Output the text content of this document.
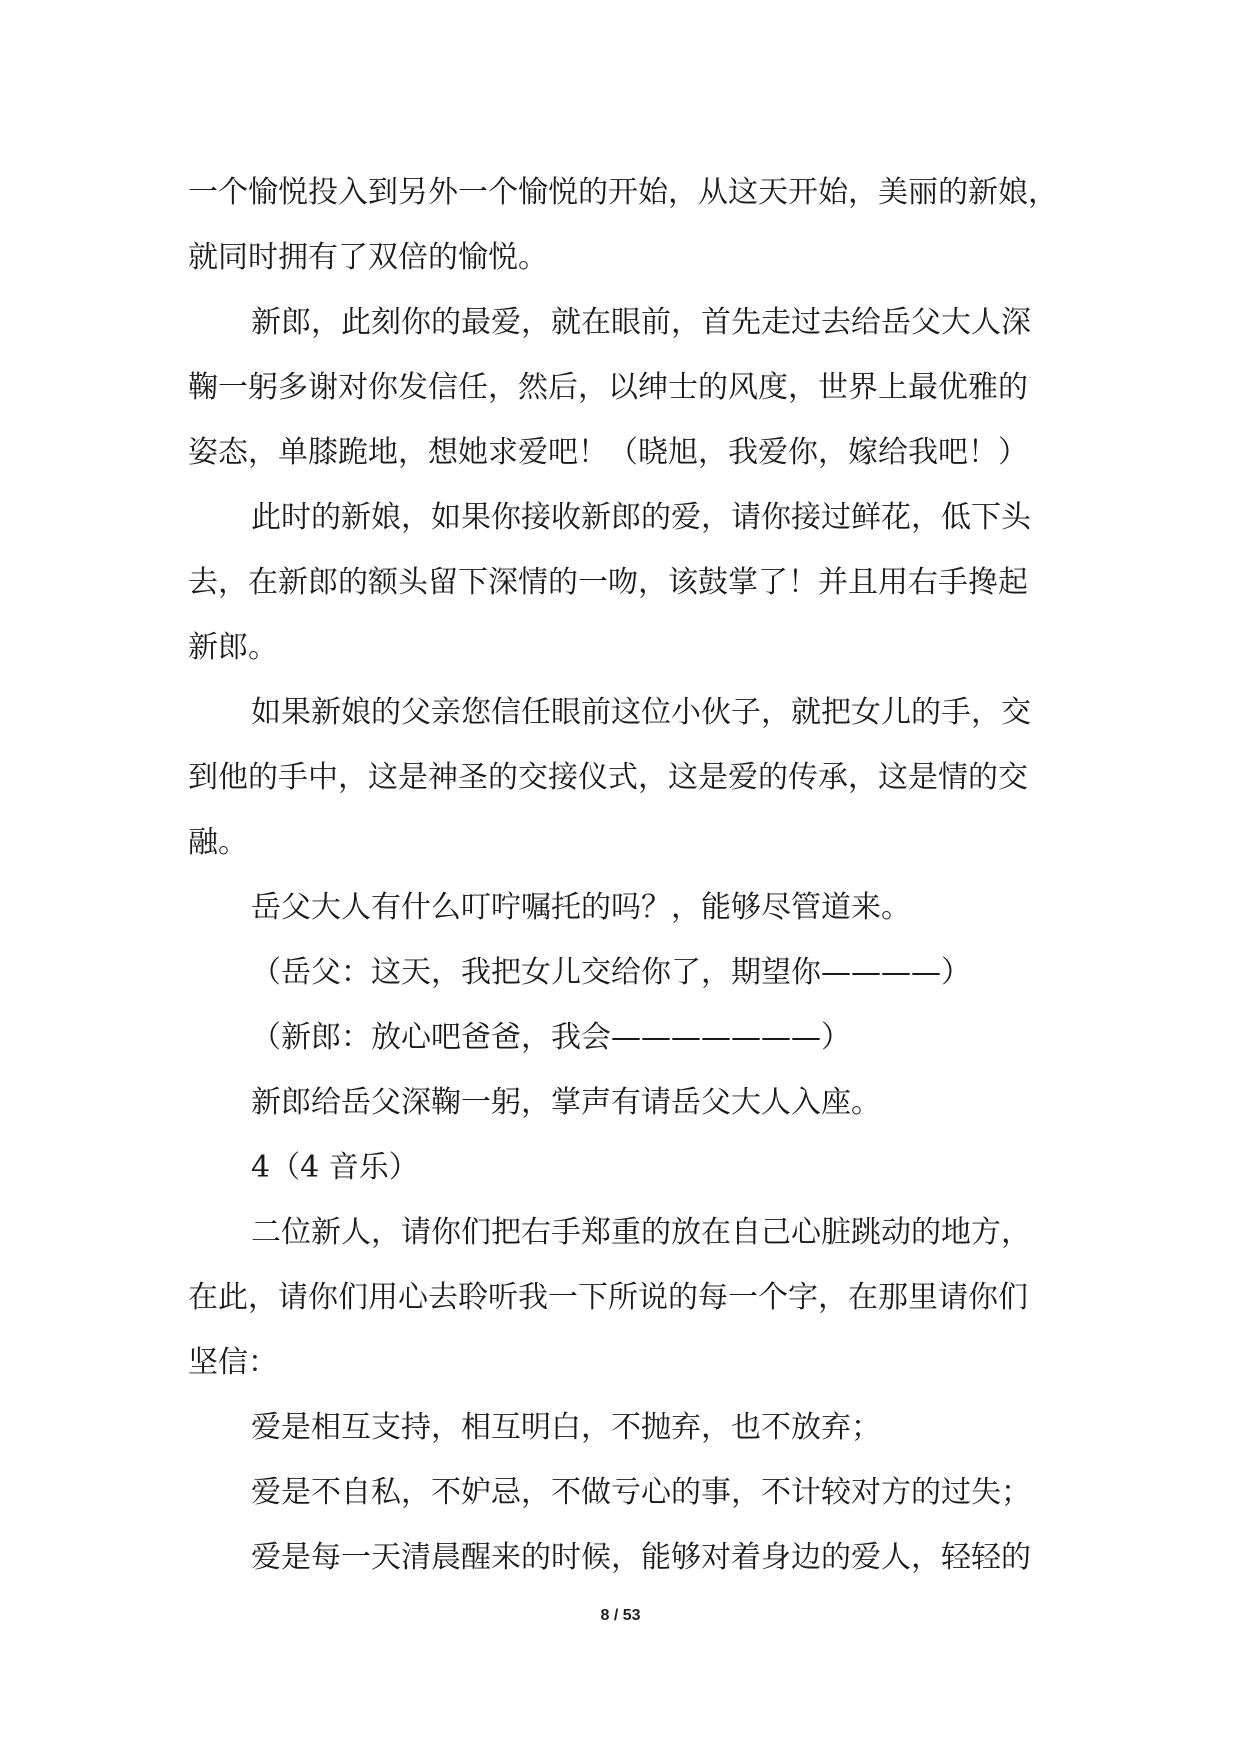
一个愉悦投入到另外一个愉悦的开始，从这天开始，美丽的新娘，
就同时拥有了双倍的愉悦。
新郎，此刻你的最爱，就在眼前，首先走过去给岳父大人深
鞠一躬多谢对你发信任，然后，以绅士的风度，世界上最优雅的
姿态，单膝跪地，想她求爱吧！（晓旭，我爱你，嫁给我吧！）
此时的新娘，如果你接收新郎的爱，请你接过鲜花，低下头
去，在新郎的额头留下深情的一吻，该鼓掌了！并且用右手搀起
新郎。
如果新娘的父亲您信任眼前这位小伙子，就把女儿的手，交
到他的手中，这是神圣的交接仪式，这是爱的传承，这是情的交
融。
岳父大人有什么叮咛嘱托的吗？，能够尽管道来。
（岳父：这天，我把女儿交给你了，期望你————）
（新郎：放心吧爸爸，我会———————）
新郎给岳父深鞠一躬，掌声有请岳父大人入座。
4（4 音乐）
二位新人，请你们把右手郑重的放在自己心脏跳动的地方，
在此，请你们用心去聆听我一下所说的每一个字，在那里请你们
坚信：
爱是相互支持，相互明白，不抛弃，也不放弃；
爱是不自私，不妒忌，不做亏心的事，不计较对方的过失；
爱是每一天清晨醒来的时候，能够对着身边的爱人，轻轻的
8 / 53
